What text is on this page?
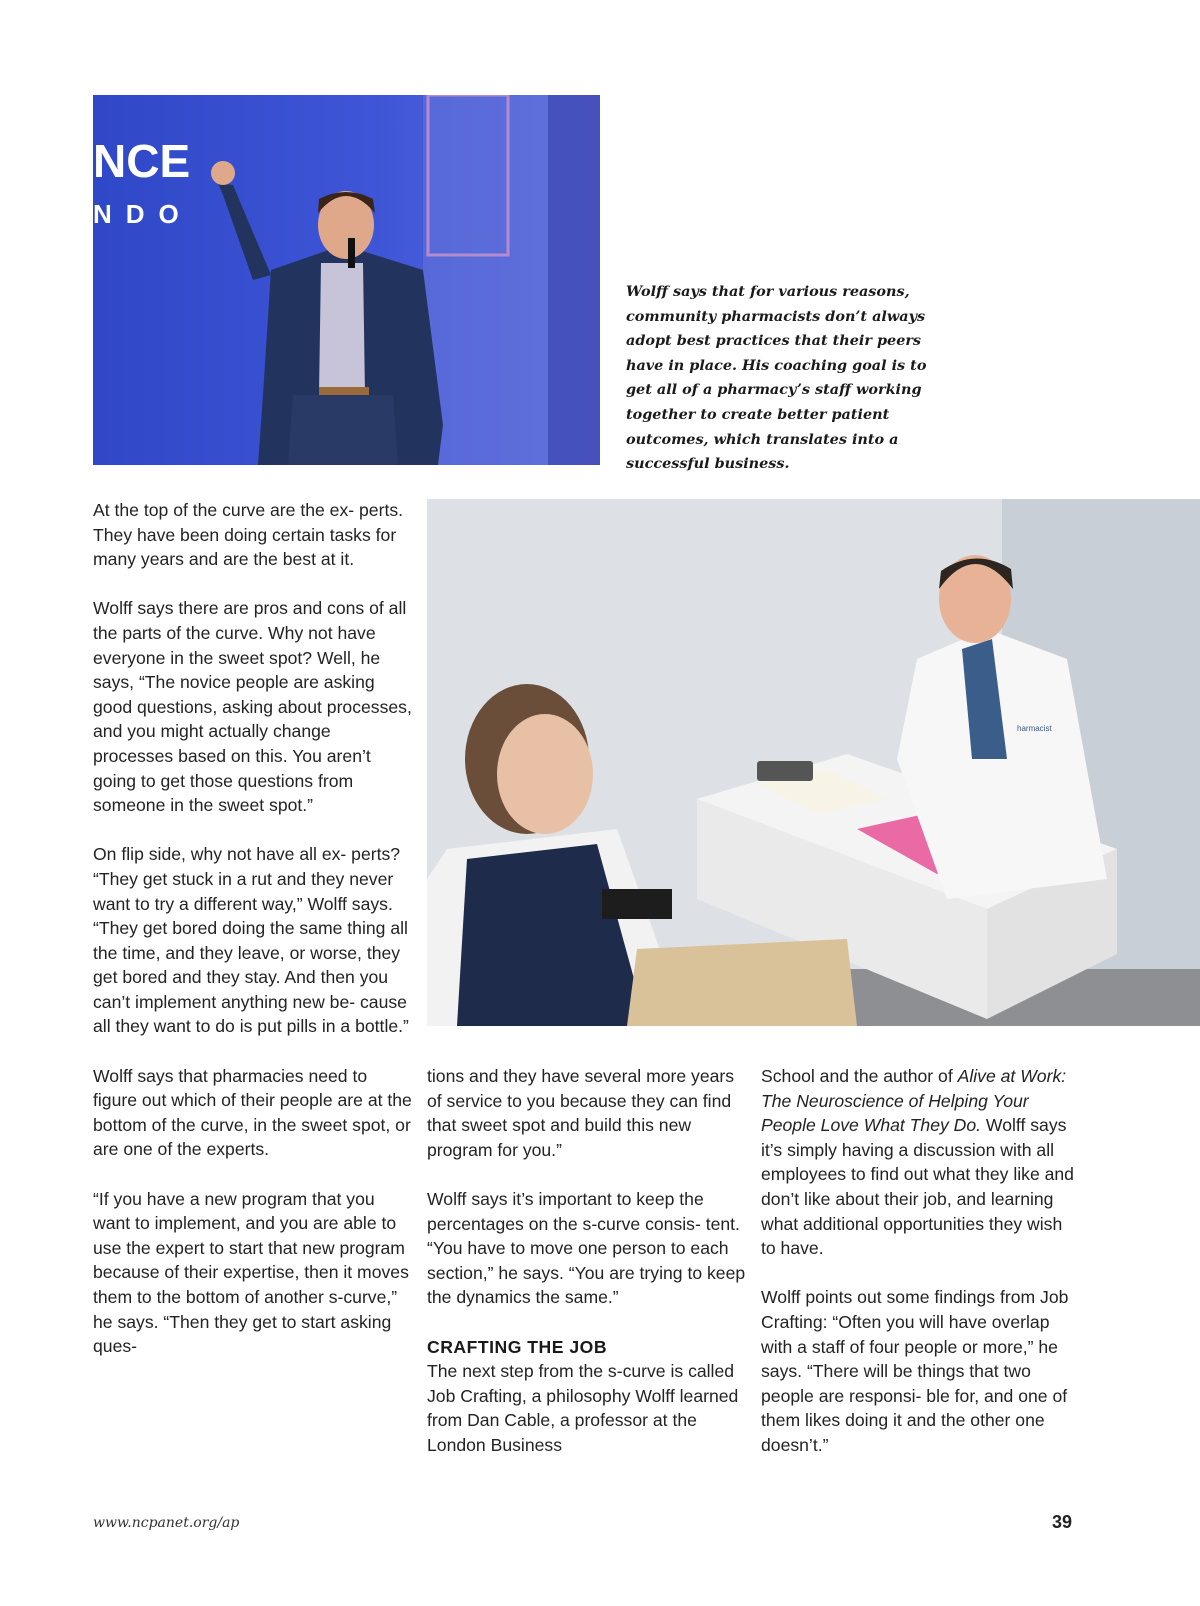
NCE
NDO
Wolff says that for various reasons, community pharmacists don’t always adopt best practices that their peers have in place. His coaching goal is to get all of a pharmacy’s staff working together to create better patient outcomes, which translates into a successful business.
harmacist

At the top of the curve are the ex- perts. They have been doing certain tasks for many years and are the best at it.

Wolff says there are pros and cons of all the parts of the curve. Why not have everyone in the sweet spot? Well, he says, “The novice people are asking good questions, asking about processes, and you might actually change processes based on this. You aren’t going to get those questions from someone in the sweet spot.”

On flip side, why not have all ex- perts? “They get stuck in a rut and they never want to try a different way,” Wolff says. “They get bored doing the same thing all the time, and they leave, or worse, they get bored and they stay. And then you can’t implement anything new be- cause all they want to do is put pills in a bottle.”

Wolff says that pharmacies need to figure out which of their people are at the bottom of the curve, in the sweet spot, or are one of the experts.

“If you have a new program that you want to implement, and you are able to use the expert to start that new program because of their expertise, then it moves them to the bottom of another s-curve,” he says. “Then they get to start asking ques-

tions and they have several more years of service to you because they can find that sweet spot and build this new program for you.”

Wolff says it’s important to keep the percentages on the s-curve consis- tent. “You have to move one person to each section,” he says. “You are trying to keep the dynamics the same.”

CRAFTING THE JOB

The next step from the s-curve is called Job Crafting, a philosophy Wolff learned from Dan Cable, a professor at the London Business

School and the author of Alive at Work: The Neuroscience of Helping Your People Love What They Do. Wolff says it’s simply having a discussion with all employees to find out what they like and don’t like about their job, and learning what additional opportunities they wish to have.

Wolff points out some findings from Job Crafting: “Often you will have overlap with a staff of four people or more,” he says. “There will be things that two people are responsi- ble for, and one of them likes doing it and the other one doesn’t.”

www.ncpanet.org/ap	39
